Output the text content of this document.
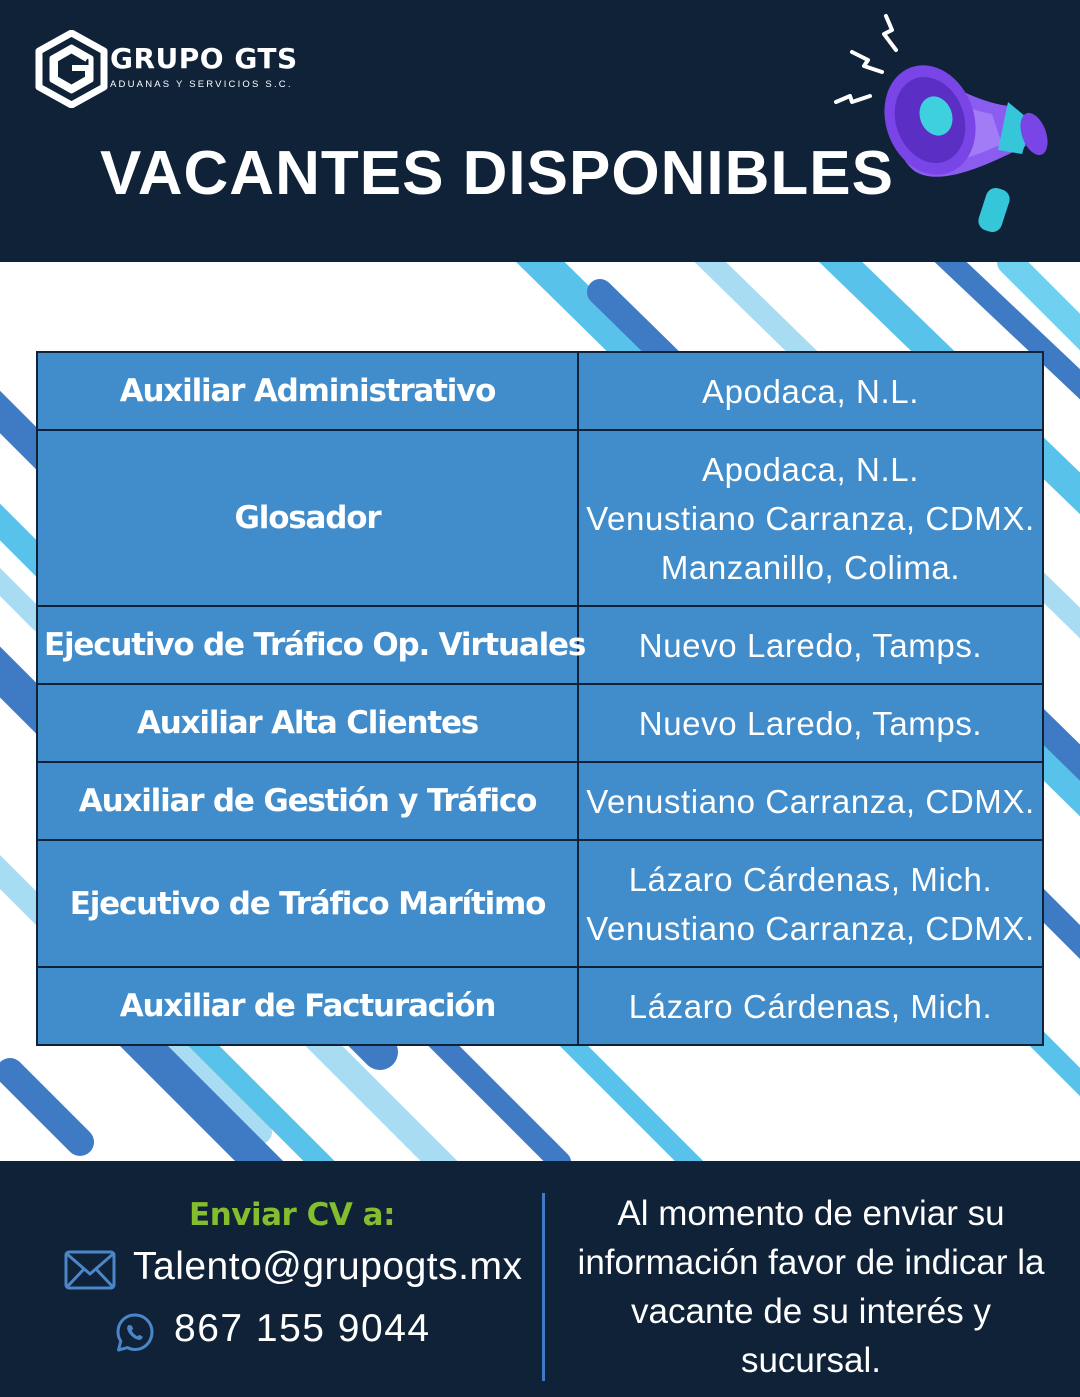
GRUPO GTS
ADUANAS Y SERVICIOS S.C.
VACANTES DISPONIBLES
Auxiliar Administrativo	Apodaca, N.L.

Glosador	Apodaca, N.L.
Venustiano Carranza, CDMX.
Manzanillo, Colima.

Ejecutivo de Tráfico Op. Virtuales	Nuevo Laredo, Tamps.

Auxiliar Alta Clientes	Nuevo Laredo, Tamps.

Auxiliar de Gestión y Tráfico	Venustiano Carranza, CDMX.

Ejecutivo de Tráfico Marítimo	Lázaro Cárdenas, Mich.
Venustiano Carranza, CDMX.

Auxiliar de Facturación	Lázaro Cárdenas, Mich.
Enviar CV a:
Talento@grupogts.mx
867 155 9044
Al momento de enviar su información favor de indicar la vacante de su interés y sucursal.
